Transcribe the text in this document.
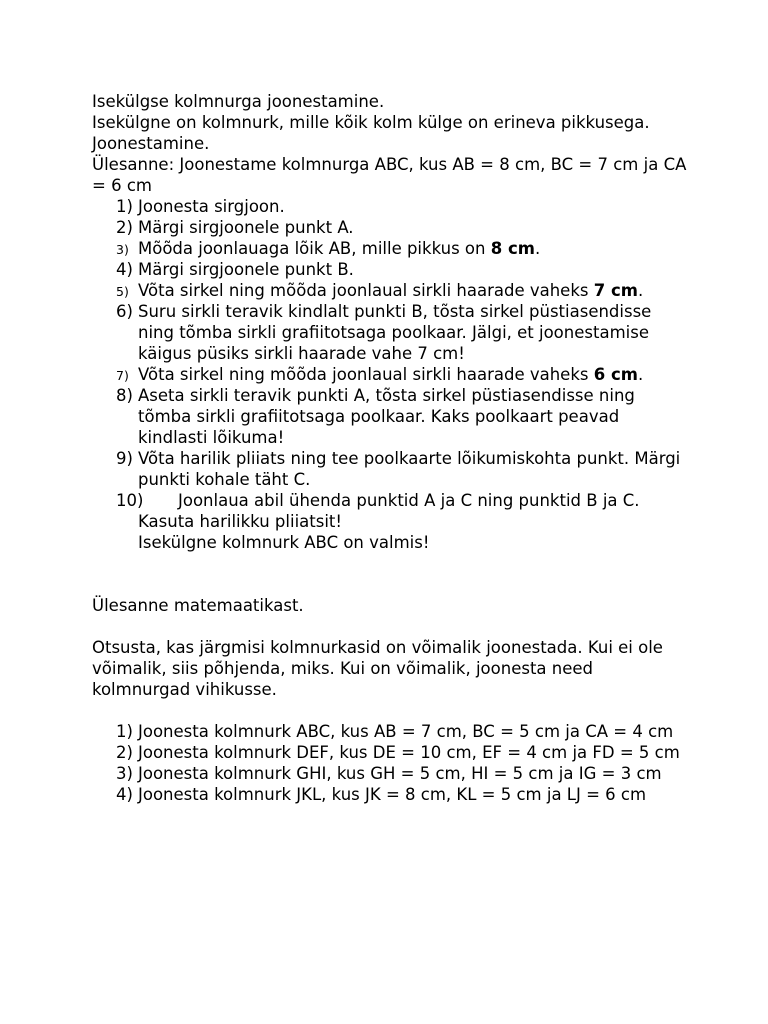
Isekülgse kolmnurga joonestamine.

Isekülgne on kolmnurk, mille kõik kolm külge on erineva pikkusega.

Joonestamine.

Ülesanne: Joonestame kolmnurga ABC, kus AB = 8 cm, BC = 7 cm ja CA = 6 cm

1) Joonesta sirgjoon.
2) Märgi sirgjoonele punkt A.
3) Mõõda joonlauaga lõik AB, mille pikkus on 8 cm.
4) Märgi sirgjoonele punkt B.
5) Võta sirkel ning mõõda joonlaual sirkli haarade vaheks 7 cm.
6) Suru sirkli teravik kindlalt punkti B, tõsta sirkel püstiasendisse ning tõmba sirkli grafiitotsaga poolkaar. Jälgi, et joonestamise käigus püsiks sirkli haarade vahe 7 cm!
7) Võta sirkel ning mõõda joonlaual sirkli haarade vaheks 6 cm.
8) Aseta sirkli teravik punkti A, tõsta sirkel püstiasendisse ning tõmba sirkli grafiitotsaga poolkaar. Kaks poolkaart peavad kindlasti lõikuma!
9) Võta harilik pliiats ning tee poolkaarte lõikumiskohta punkt. Märgi punkti kohale täht C.
10) Joonlaua abil ühenda punktid A ja C ning punktid B ja C. Kasuta harilikku pliiatsit!
Isekülgne kolmnurk ABC on valmis!

Ülesanne matemaatikast.

Otsusta, kas järgmisi kolmnurkasid on võimalik joonestada. Kui ei ole võimalik, siis põhjenda, miks. Kui on võimalik, joonesta need kolmnurgad vihikusse.

1) Joonesta kolmnurk ABC, kus AB = 7 cm, BC = 5 cm ja CA = 4 cm
2) Joonesta kolmnurk DEF, kus DE = 10 cm, EF = 4 cm ja FD = 5 cm
3) Joonesta kolmnurk GHI, kus GH = 5 cm, HI = 5 cm ja IG = 3 cm
4) Joonesta kolmnurk JKL, kus JK = 8 cm, KL = 5 cm ja LJ = 6 cm
